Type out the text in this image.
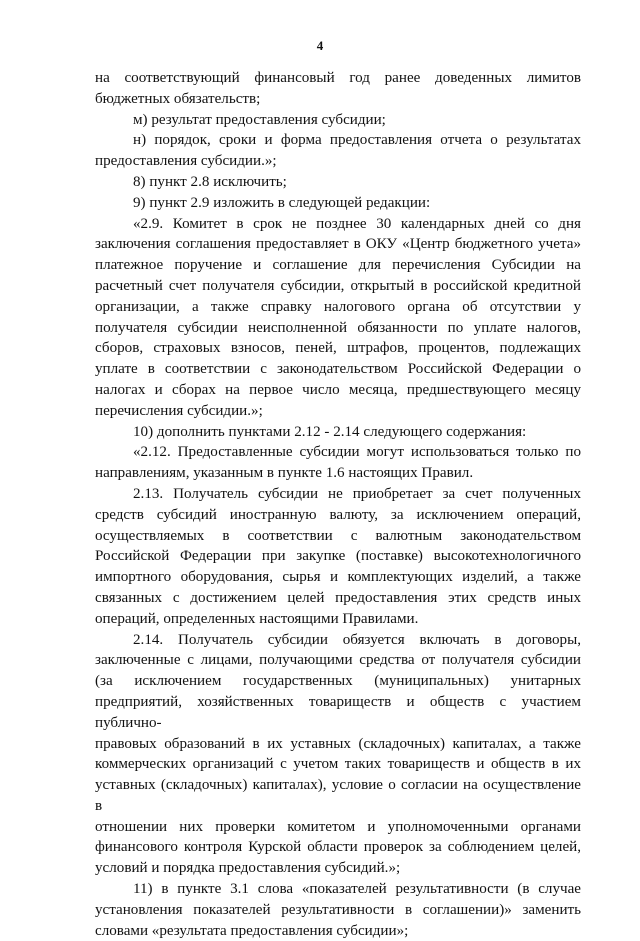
4

на соответствующий финансовый год ранее доведенных лимитов
бюджетных обязательств;

м) результат предоставления субсидии;

н) порядок, сроки и форма предоставления отчета о результатах
предоставления субсидии.»;

8) пункт 2.8 исключить;

9) пункт 2.9 изложить в следующей редакции:

«2.9. Комитет в срок не позднее 30 календарных дней со дня
заключения соглашения предоставляет в ОКУ «Центр бюджетного учета»
платежное поручение и соглашение для перечисления Субсидии на
расчетный счет получателя субсидии, открытый в российской кредитной
организации, а также справку налогового органа об отсутствии у
получателя субсидии неисполненной обязанности по уплате налогов,
сборов, страховых взносов, пеней, штрафов, процентов, подлежащих
уплате в соответствии с законодательством Российской Федерации о
налогах и сборах на первое число месяца, предшествующего месяцу
перечисления субсидии.»;

10) дополнить пунктами 2.12 - 2.14 следующего содержания:

«2.12. Предоставленные субсидии могут использоваться только по
направлениям, указанным в пункте 1.6 настоящих Правил.

2.13. Получатель субсидии не приобретает за счет полученных
средств субсидий иностранную валюту, за исключением операций,
осуществляемых в соответствии с валютным законодательством
Российской Федерации при закупке (поставке) высокотехнологичного
импортного оборудования, сырья и комплектующих изделий, а также
связанных с достижением целей предоставления этих средств иных
операций, определенных настоящими Правилами.

2.14. Получатель субсидии обязуется включать в договоры,
заключенные с лицами, получающими средства от получателя субсидии
(за исключением государственных (муниципальных) унитарных
предприятий, хозяйственных товариществ и обществ с участием публично-
правовых образований в их уставных (складочных) капиталах, а также
коммерческих организаций с учетом таких товариществ и обществ в их
уставных (складочных) капиталах), условие о согласии на осуществление в
отношении них проверки комитетом и уполномоченными органами
финансового контроля Курской области проверок за соблюдением целей,
условий и порядка предоставления субсидий.»;

11) в пункте 3.1 слова «показателей результативности (в случае
установления показателей результативности в соглашении)» заменить
словами «результата предоставления субсидии»;
